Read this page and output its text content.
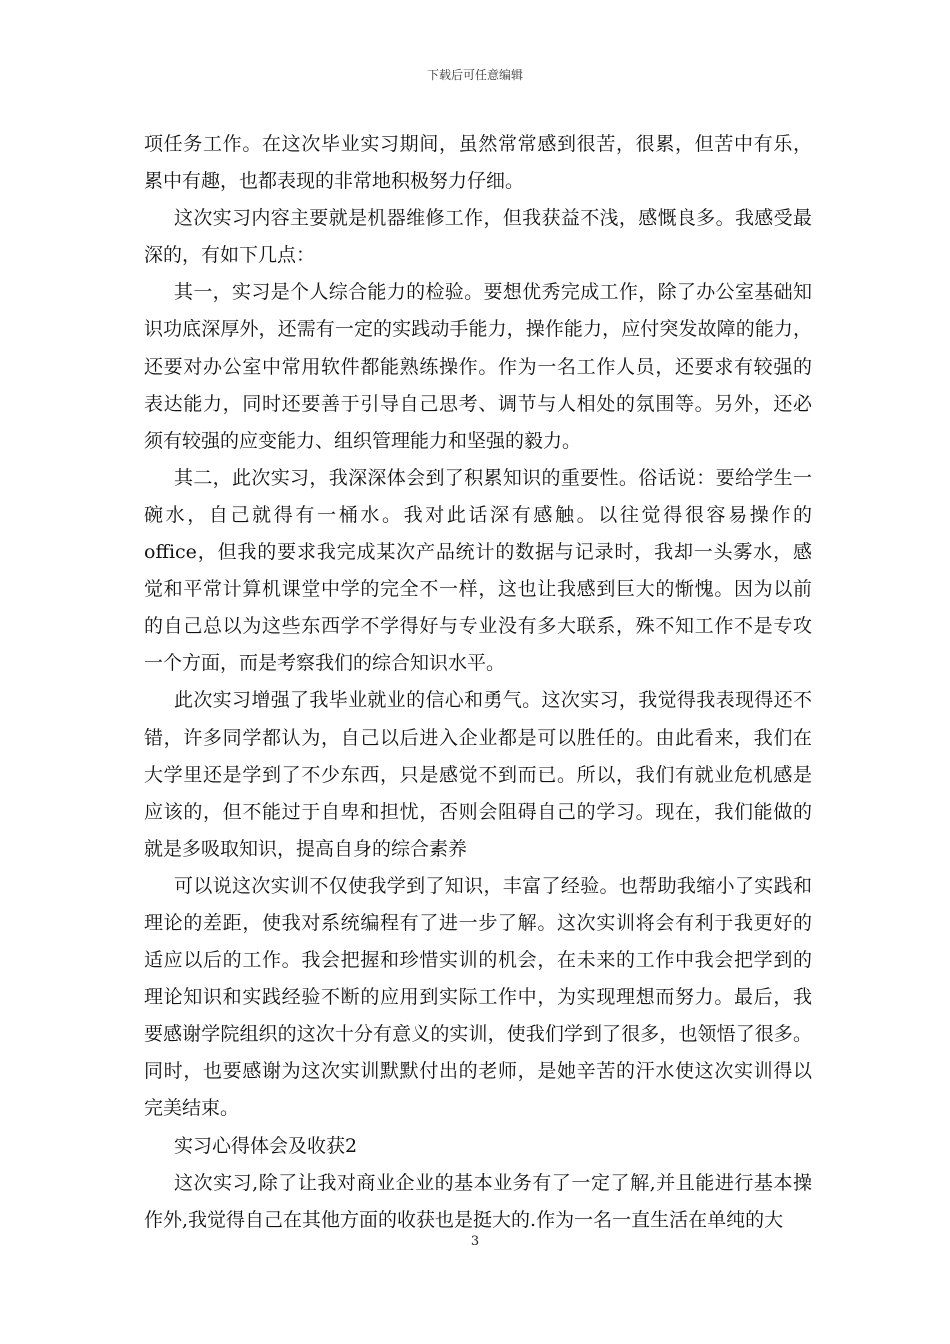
下载后可任意编辑
项任务工作。在这次毕业实习期间，虽然常常感到很苦，很累，但苦中有乐，
累中有趣，也都表现的非常地积极努力仔细。
这次实习内容主要就是机器维修工作，但我获益不浅，感慨良多。我感受最
深的，有如下几点：
其一，实习是个人综合能力的检验。要想优秀完成工作，除了办公室基础知
识功底深厚外，还需有一定的实践动手能力，操作能力，应付突发故障的能力，
还要对办公室中常用软件都能熟练操作。作为一名工作人员，还要求有较强的
表达能力，同时还要善于引导自己思考、调节与人相处的氛围等。另外，还必
须有较强的应变能力、组织管理能力和坚强的毅力。
其二，此次实习，我深深体会到了积累知识的重要性。俗话说：要给学生一
碗水，自己就得有一桶水。我对此话深有感触。以往觉得很容易操作的
office，但我的要求我完成某次产品统计的数据与记录时，我却一头雾水，感
觉和平常计算机课堂中学的完全不一样，这也让我感到巨大的惭愧。因为以前
的自己总以为这些东西学不学得好与专业没有多大联系，殊不知工作不是专攻
一个方面，而是考察我们的综合知识水平。
此次实习增强了我毕业就业的信心和勇气。这次实习，我觉得我表现得还不
错，许多同学都认为，自己以后进入企业都是可以胜任的。由此看来，我们在
大学里还是学到了不少东西，只是感觉不到而已。所以，我们有就业危机感是
应该的，但不能过于自卑和担忧，否则会阻碍自己的学习。现在，我们能做的
就是多吸取知识，提高自身的综合素养
可以说这次实训不仅使我学到了知识，丰富了经验。也帮助我缩小了实践和
理论的差距，使我对系统编程有了进一步了解。这次实训将会有利于我更好的
适应以后的工作。我会把握和珍惜实训的机会，在未来的工作中我会把学到的
理论知识和实践经验不断的应用到实际工作中，为实现理想而努力。最后，我
要感谢学院组织的这次十分有意义的实训，使我们学到了很多，也领悟了很多。
同时，也要感谢为这次实训默默付出的老师，是她辛苦的汗水使这次实训得以
完美结束。
实习心得体会及收获2
这次实习,除了让我对商业企业的基本业务有了一定了解,并且能进行基本操
作外,我觉得自己在其他方面的收获也是挺大的.作为一名一直生活在单纯的大
3
